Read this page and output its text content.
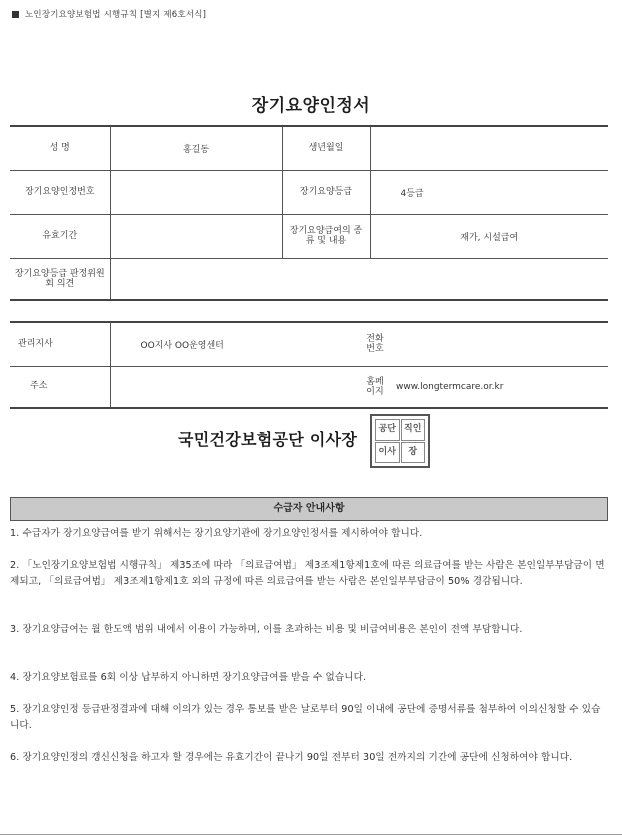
노인장기요양보험법 시행규칙 [별지 제6호서식]
장기요양인정서
성 명	홍길동	생년월일	
장기요양인정번호		장기요양등급	4등급
유효기간		장기요양급여의 종류 및 내용	재가, 시설급여
장기요양등급 판정위원회 의견			
관리지사	OO지사 OO운영센터	전화번호	
주소		홈페이지	www.longtermcare.or.kr
국민건강보험공단 이사장
공단 직인
이사	장
수급자 안내사항
1. 수급자가 장기요양급여를 받기 위해서는 장기요양기관에 장기요양인정서를 제시하여야 합니다.
2. 「노인장기요양보험법 시행규칙」 제35조에 따라 「의료급여법」 제3조제1항제1호에 따른 의료급여를 받는 사람은 본인일부부담금이 면제되고, 「의료급여법」 제3조제1항제1호 외의 규정에 따른 의료급여를 받는 사람은 본인일부부담금이 50% 경감됩니다.
3. 장기요양급여는 월 한도액 범위 내에서 이용이 가능하며, 이를 초과하는 비용 및 비급여비용은 본인이 전액 부담합니다.
4. 장기요양보험료를 6회 이상 납부하지 아니하면 장기요양급여를 받을 수 없습니다.
5. 장기요양인정 등급판정결과에 대해 이의가 있는 경우 통보를 받은 날로부터 90일 이내에 공단에 증명서류를 첨부하여 이의신청할 수 있습니다.
6. 장기요양인정의 갱신신청을 하고자 할 경우에는 유효기간이 끝나기 90일 전부터 30일 전까지의 기간에 공단에 신청하여야 합니다.
